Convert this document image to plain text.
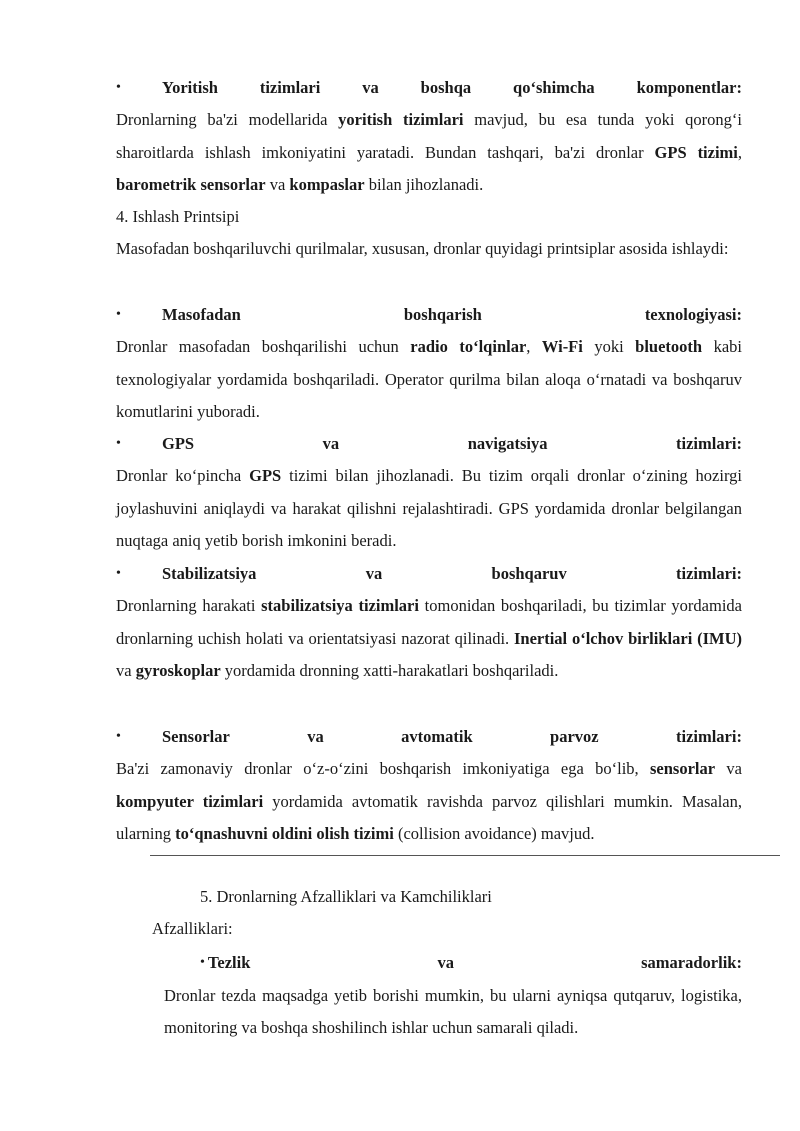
•	Yoritish	tizimlari	va	boshqa	qo‘shimcha	komponentlar:
Dronlarning ba'zi modellarida yoritish tizimlari mavjud, bu esa tunda yoki qorong‘i sharoitlarda ishlash imkoniyatini yaratadi. Bundan tashqari, ba'zi dronlar GPS tizimi, barometrik sensorlar va kompaslar bilan jihozlanadi.
4. Ishlash Printsipi
Masofadan boshqariluvchi qurilmalar, xususan, dronlar quyidagi printsiplar asosida ishlaydi:
•	Masofadan	boshqarish	texnologiyasi:
Dronlar masofadan boshqarilishi uchun radio to‘lqinlar, Wi-Fi yoki bluetooth kabi texnologiyalar yordamida boshqariladi. Operator qurilma bilan aloqa o‘rnatadi va boshqaruv komutlarini yuboradi.
•	GPS	va	navigatsiya	tizimlari:
Dronlar ko‘pincha GPS tizimi bilan jihozlanadi. Bu tizim orqali dronlar o‘zining hozirgi joylashuvini aniqlaydi va harakat qilishni rejalashtiradi. GPS yordamida dronlar belgilangan nuqtaga aniq yetib borish imkonini beradi.
•	Stabilizatsiya	va	boshqaruv	tizimlari:
Dronlarning harakati stabilizatsiya tizimlari tomonidan boshqariladi, bu tizimlar yordamida dronlarning uchish holati va orientatsiyasi nazorat qilinadi. Inertial o‘lchov birliklari (IMU) va gyroskoplar yordamida dronning xatti-harakatlari boshqariladi.
•	Sensorlar	va	avtomatik	parvoz	tizimlari:
Ba'zi zamonaviy dronlar o‘z-o‘zini boshqarish imkoniyatiga ega bo‘lib, sensorlar va kompyuter tizimlari yordamida avtomatik ravishda parvoz qilishlari mumkin. Masalan, ularning to‘qnashuvni oldini olish tizimi (collision avoidance) mavjud.
5. Dronlarning Afzalliklari va Kamchiliklari
Afzalliklari:
• Tezlik	va	samaradorlik:
Dronlar tezda maqsadga yetib borishi mumkin, bu ularni ayniqsa qutqaruv, logistika, monitoring va boshqa shoshilinch ishlar uchun samarali qiladi.
